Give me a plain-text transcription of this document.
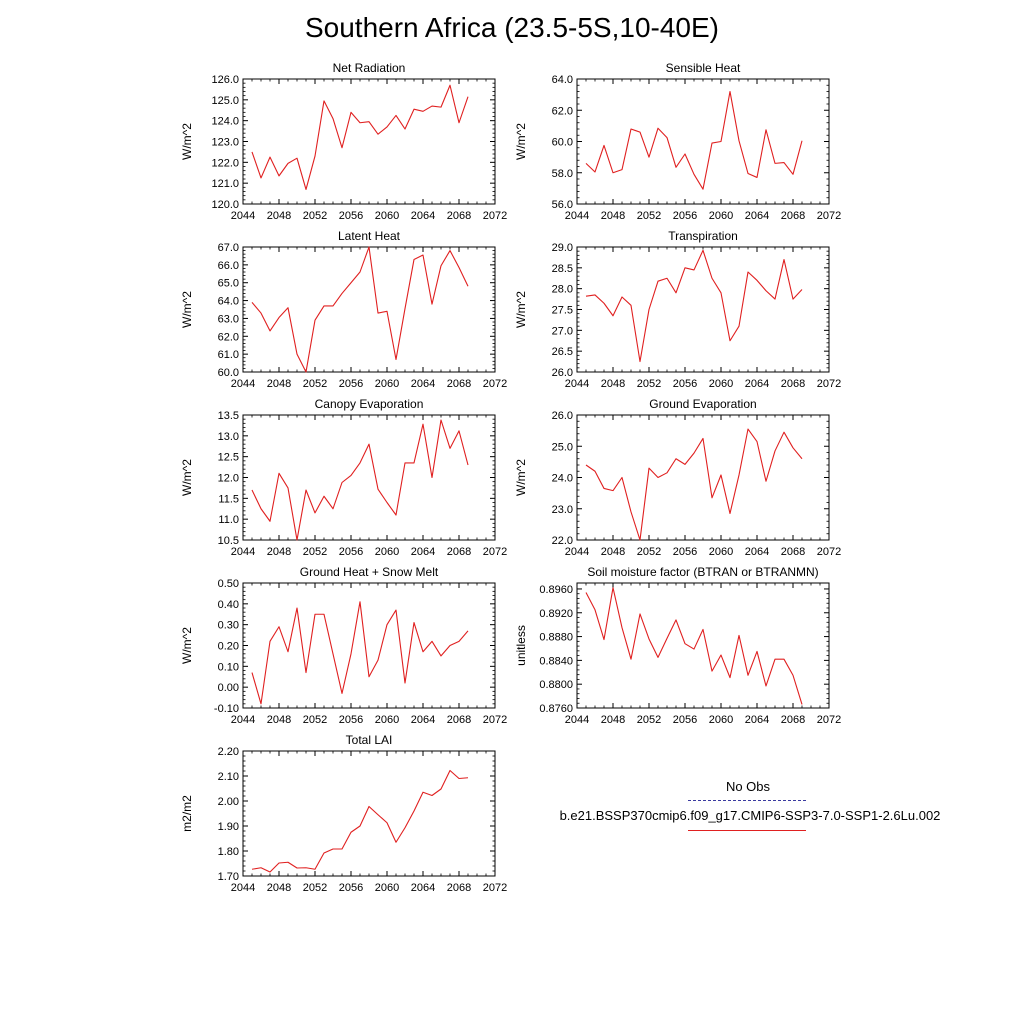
Southern Africa (23.5-5S,10-40E)
Net Radiation
W/m^2
120.0
121.0
122.0
123.0
124.0
125.0
126.0
2044 2048 2052 2056 2060 2064 2068 2072
Sensible Heat
W/m^2
56.0
58.0
60.0
62.0
64.0
2044 2048 2052 2056 2060 2064 2068 2072
Latent Heat
W/m^2
60.0
61.0
62.0
63.0
64.0
65.0
66.0
67.0
2044 2048 2052 2056 2060 2064 2068 2072
Transpiration
W/m^2
26.0
26.5
27.0
27.5
28.0
28.5
29.0
2044 2048 2052 2056 2060 2064 2068 2072
Canopy Evaporation
W/m^2
10.5
11.0
11.5
12.0
12.5
13.0
13.5
2044 2048 2052 2056 2060 2064 2068 2072
Ground Evaporation
W/m^2
22.0
23.0
24.0
25.0
26.0
2044 2048 2052 2056 2060 2064 2068 2072
Ground Heat + Snow Melt
W/m^2
-0.10
0.00
0.10
0.20
0.30
0.40
0.50
2044 2048 2052 2056 2060 2064 2068 2072
Soil moisture factor (BTRAN or BTRANMN)
unitless
0.8760
0.8800
0.8840
0.8880
0.8920
0.8960
2044 2048 2052 2056 2060 2064 2068 2072
Total LAI
m2/m2
1.70
1.80
1.90
2.00
2.10
2.20
2044 2048 2052 2056 2060 2064 2068 2072
No Obs
b.e21.BSSP370cmip6.f09_g17.CMIP6-SSP3-7.0-SSP1-2.6Lu.002
